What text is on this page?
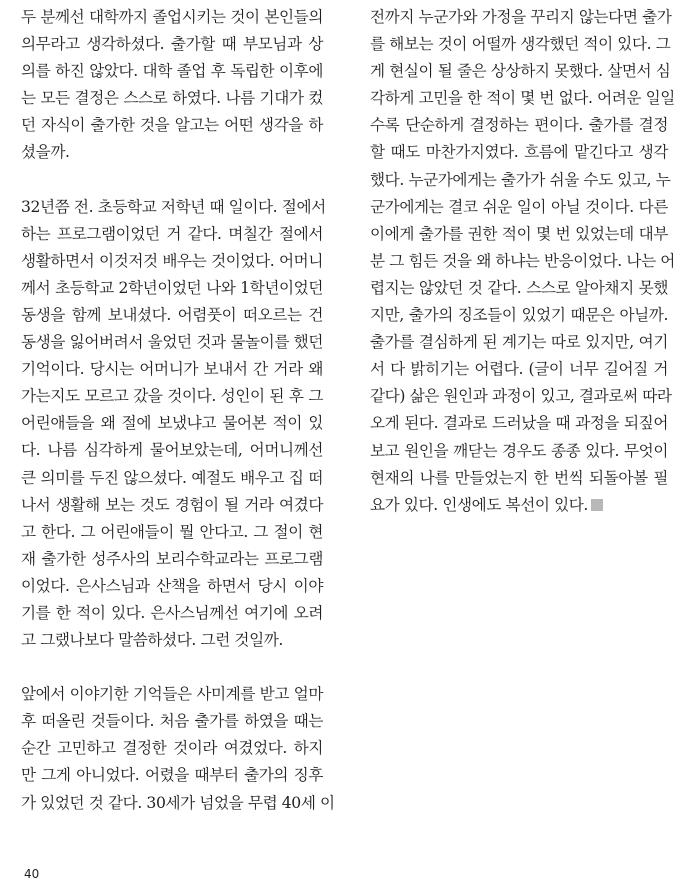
두 분께선 대학까지 졸업시키는 것이 본인들의
의무라고 생각하셨다. 출가할 때 부모님과 상
의를 하진 않았다. 대학 졸업 후 독립한 이후에
는 모든 결정은 스스로 하였다. 나름 기대가 컸
던 자식이 출가한 것을 알고는 어떤 생각을 하
셨을까.
32년쯤 전. 초등학교 저학년 때 일이다. 절에서
하는 프로그램이었던 거 같다. 며칠간 절에서
생활하면서 이것저것 배우는 것이었다. 어머니
께서 초등학교 2학년이었던 나와 1학년이었던
동생을 함께 보내셨다. 어렴풋이 떠오르는 건
동생을 잃어버려서 울었던 것과 물놀이를 했던
기억이다. 당시는 어머니가 보내서 간 거라 왜
가는지도 모르고 갔을 것이다. 성인이 된 후 그
어린애들을 왜 절에 보냈냐고 물어본 적이 있
다. 나름 심각하게 물어보았는데, 어머니께선
큰 의미를 두진 않으셨다. 예절도 배우고 집 떠
나서 생활해 보는 것도 경험이 될 거라 여겼다
고 한다. 그 어린애들이 뭘 안다고. 그 절이 현
재 출가한 성주사의 보리수학교라는 프로그램
이었다. 은사스님과 산책을 하면서 당시 이야
기를 한 적이 있다. 은사스님께선 여기에 오려
고 그랬나보다 말씀하셨다. 그런 것일까.
앞에서 이야기한 기억들은 사미계를 받고 얼마
후 떠올린 것들이다. 처음 출가를 하였을 때는
순간 고민하고 결정한 것이라 여겼었다. 하지
만 그게 아니었다. 어렸을 때부터 출가의 징후
가 있었던 것 같다. 30세가 넘었을 무렵 40세 이
전까지 누군가와 가정을 꾸리지 않는다면 출가
를 해보는 것이 어떨까 생각했던 적이 있다. 그
게 현실이 될 줄은 상상하지 못했다. 살면서 심
각하게 고민을 한 적이 몇 번 없다. 어려운 일일
수록 단순하게 결정하는 편이다. 출가를 결정
할 때도 마찬가지였다. 흐름에 맡긴다고 생각
했다. 누군가에게는 출가가 쉬울 수도 있고, 누
군가에게는 결코 쉬운 일이 아닐 것이다. 다른
이에게 출가를 권한 적이 몇 번 있었는데 대부
분 그 힘든 것을 왜 하냐는 반응이었다. 나는 어
렵지는 않았던 것 같다. 스스로 알아채지 못했
지만, 출가의 징조들이 있었기 때문은 아닐까.
출가를 결심하게 된 계기는 따로 있지만, 여기
서 다 밝히기는 어렵다. (글이 너무 길어질 거
같다) 삶은 원인과 과정이 있고, 결과로써 따라
오게 된다. 결과로 드러났을 때 과정을 되짚어
보고 원인을 깨닫는 경우도 종종 있다. 무엇이
현재의 나를 만들었는지 한 번씩 되돌아볼 필
요가 있다. 인생에도 복선이 있다.
40
